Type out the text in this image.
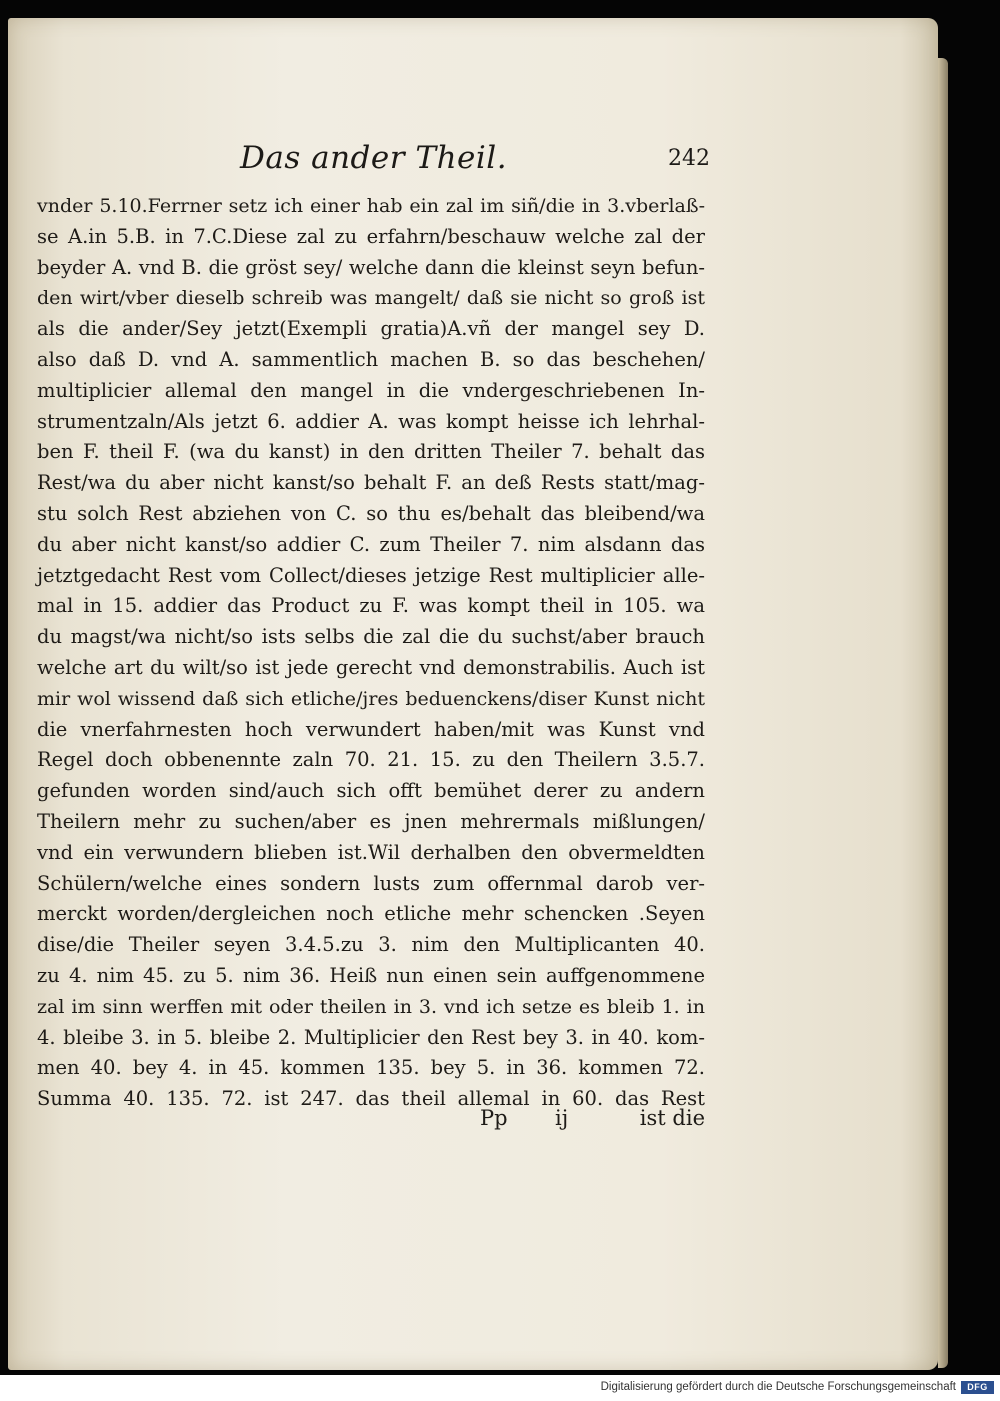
Das ander Theil.	242
vnder 5.10.Ferrner setz ich einer hab ein zal im siñ/die in 3.vberlaß-
se A.in 5.B. in 7.C.Diese zal zu erfahrn/beschauw welche zal der
beyder A. vnd B. die gröst sey/ welche dann die kleinst seyn befun-
den wirt/vber dieselb schreib was mangelt/ daß sie nicht so groß ist
als die ander/Sey jetzt(Exempli gratia)A.vñ der mangel sey D.
also daß D. vnd A. sammentlich machen B. so das beschehen/
multiplicier allemal den mangel in die vndergeschriebenen In-
strumentzaln/Als jetzt 6. addier A. was kompt heisse ich lehrhal-
ben F. theil F. (wa du kanst) in den dritten Theiler 7. behalt das
Rest/wa du aber nicht kanst/so behalt F. an deß Rests statt/mag-
stu solch Rest abziehen von C. so thu es/behalt das bleibend/wa
du aber nicht kanst/so addier C. zum Theiler 7. nim alsdann das
jetztgedacht Rest vom Collect/dieses jetzige Rest multiplicier alle-
mal in 15. addier das Product zu F. was kompt theil in 105. wa
du magst/wa nicht/so ists selbs die zal die du suchst/aber brauch
welche art du wilt/so ist jede gerecht vnd demonstrabilis. Auch ist
mir wol wissend daß sich etliche/jres beduenckens/diser Kunst nicht
die vnerfahrnesten hoch verwundert haben/mit was Kunst vnd
Regel doch obbenennte zaln 70. 21. 15. zu den Theilern 3.5.7.
gefunden worden sind/auch sich offt bemühet derer zu andern
Theilern mehr zu suchen/aber es jnen mehrermals mißlungen/
vnd ein verwundern blieben ist.Wil derhalben den obvermeldten
Schülern/welche eines sondern lusts zum offernmal darob ver-
merckt worden/dergleichen noch etliche mehr schencken .Seyen
dise/die Theiler seyen 3.4.5.zu 3. nim den Multiplicanten 40.
zu 4. nim 45. zu 5. nim 36. Heiß nun einen sein auffgenommene
zal im sinn werffen mit oder theilen in 3. vnd ich setze es bleib 1. in
4. bleibe 3. in 5. bleibe 2. Multiplicier den Rest bey 3. in 40. kom-
men 40. bey 4. in 45. kommen 135. bey 5. in 36. kommen 72.
Summa 40. 135. 72. ist 247. das theil allemal in 60. das Rest
Pp ij	ist die
Digitalisierung gefördert durch die Deutsche Forschungsgemeinschaft	DFG
